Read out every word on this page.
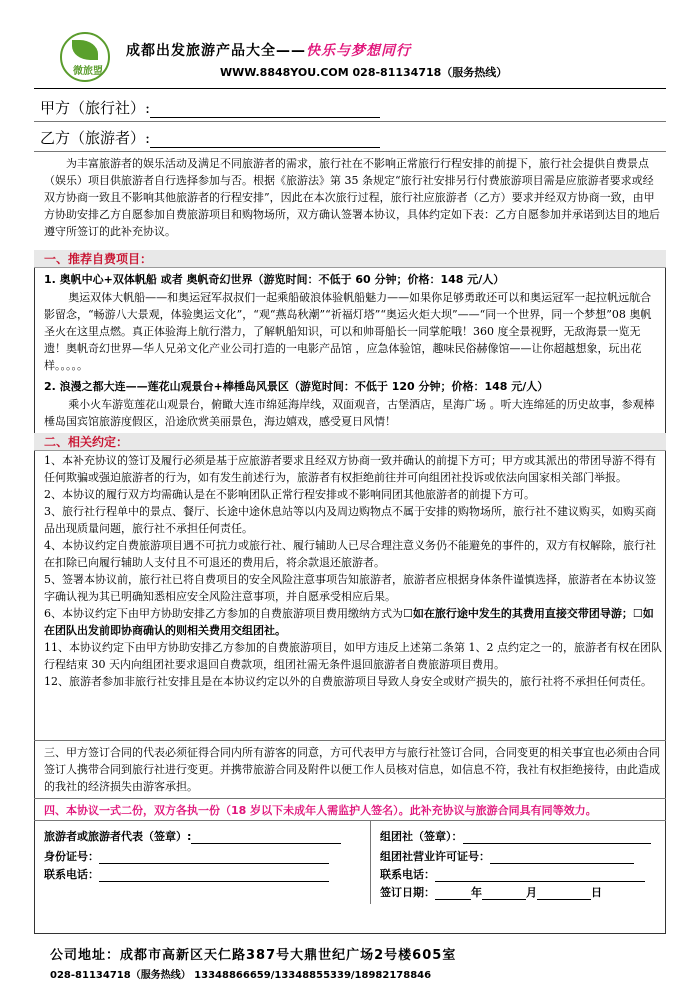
微旅盟
成都出发旅游产品大全——快乐与梦想同行
WWW.8848YOU.COM 028-81134718（服务热线）
甲方（旅行社）:
乙方（旅游者）:
为丰富旅游者的娱乐活动及满足不同旅游者的需求，旅行社在不影响正常旅行行程安排的前提下，旅行社会提供自费景点（娱乐）项目供旅游者自行选择参加与否。根据《旅游法》第 35 条规定“旅行社安排另行付费旅游项目需是应旅游者要求或经双方协商一致且不影响其他旅游者的行程安排”，因此在本次旅行过程，旅行社应旅游者（乙方）要求并经双方协商一致，由甲方协助安排乙方自愿参加自费旅游项目和购物场所，双方确认签署本协议，具体约定如下表：乙方自愿参加并承诺到达目的地后遵守所签订的此补充协议。
一、推荐自费项目：
1. 奥帆中心+双体帆船 或者 奥帆奇幻世界（游览时间：不低于 60 分钟；价格：148 元/人）
奥运双体大帆船——和奥运冠军叔叔们一起乘船破浪体验帆船魅力——如果你足够勇敢还可以和奥运冠军一起拉帆远航合影留念，“畅游八大景观，体验奥运文化”，“观“燕岛秋潮”“祈福灯塔”“奥运火炬大坝”——“同一个世界，同一个梦想”08 奥帆圣火在这里点燃。真正体验海上航行潜力，了解帆船知识，可以和帅哥船长一同掌舵哦！360 度全景视野，无敌海景一览无遗！奥帆奇幻世界—华人兄弟文化产业公司打造的一电影产品馆 ，应急体验馆，趣味民俗赫像馆——让你超越想象，玩出花样。。。。。
2. 浪漫之都大连——莲花山观景台+棒棰岛风景区（游览时间：不低于 120 分钟；价格：148 元/人）
乘小火车游览莲花山观景台，俯瞰大连市绵延海岸线，双面观音，古堡酒店，星海广场 。听大连绵延的历史故事，参观棒棰岛国宾馆旅游度假区，沿途欣赏美丽景色，海边嬉戏，感受夏日风情！
二、相关约定：

1、本补充协议的签订及履行必须是基于应旅游者要求且经双方协商一致并确认的前提下方可；甲方或其派出的带团导游不得有任何欺骗或强迫旅游者的行为，如有发生前述行为，旅游者有权拒绝前往并可向组团社投诉或依法向国家相关部门举报。

2、本协议的履行双方均需确认是在不影响团队正常行程安排或不影响同团其他旅游者的前提下方可。

3、旅行社行程单中的景点、餐厅、长途中途休息站等以内及周边购物点不属于安排的购物场所，旅行社不建议购买，如购买商品出现质量问题，旅行社不承担任何责任。

4、本协议约定自费旅游项目遇不可抗力或旅行社、履行辅助人已尽合理注意义务仍不能避免的事件的，双方有权解除，旅行社在扣除已向履行辅助人支付且不可退还的费用后，将余款退还旅游者。

5、签署本协议前，旅行社已将自费项目的安全风险注意事项告知旅游者，旅游者应根据身体条件谨慎选择，旅游者在本协议签字确认视为其已明确知悉相应安全风险注意事项，并自愿承受相应后果。

6、本协议约定下由甲方协助安排乙方参加的自费旅游项目费用缴纳方式为☐如在旅行途中发生的其费用直接交带团导游；☐如在团队出发前即协商确认的则相关费用交组团社。

11、本协议约定下由甲方协助安排乙方参加的自费旅游项目，如甲方违反上述第二条第 1、2 点约定之一的，旅游者有权在团队行程结束 30 天内向组团社要求退回自费款项，组团社需无条件退回旅游者自费旅游项目费用。

12、旅游者参加非旅行社安排且是在本协议约定以外的自费旅游项目导致人身安全或财产损失的，旅行社将不承担任何责任。

三、甲方签订合同的代表必须征得合同内所有游客的同意，方可代表甲方与旅行社签订合同，合同变更的相关事宜也必须由合同签订人携带合同到旅行社进行变更。并携带旅游合同及附件以便工作人员核对信息，如信息不符，我社有权拒绝接待，由此造成的我社的经济损失由游客承担。
四、本协议一式二份，双方各执一份（18 岁以下未成年人需监护人签名）。此补充协议与旅游合同具有同等效力。
旅游者或旅游者代表（签章）:
身份证号：
联系电话：
组团社（签章）：
组团社营业许可证号：
联系电话：
签订日期：	年	月	日
公司地址：成都市高新区天仁路387号大鼎世纪广场2号楼605室
028-81134718（服务热线） 13348866659/13348855339/18982178846
